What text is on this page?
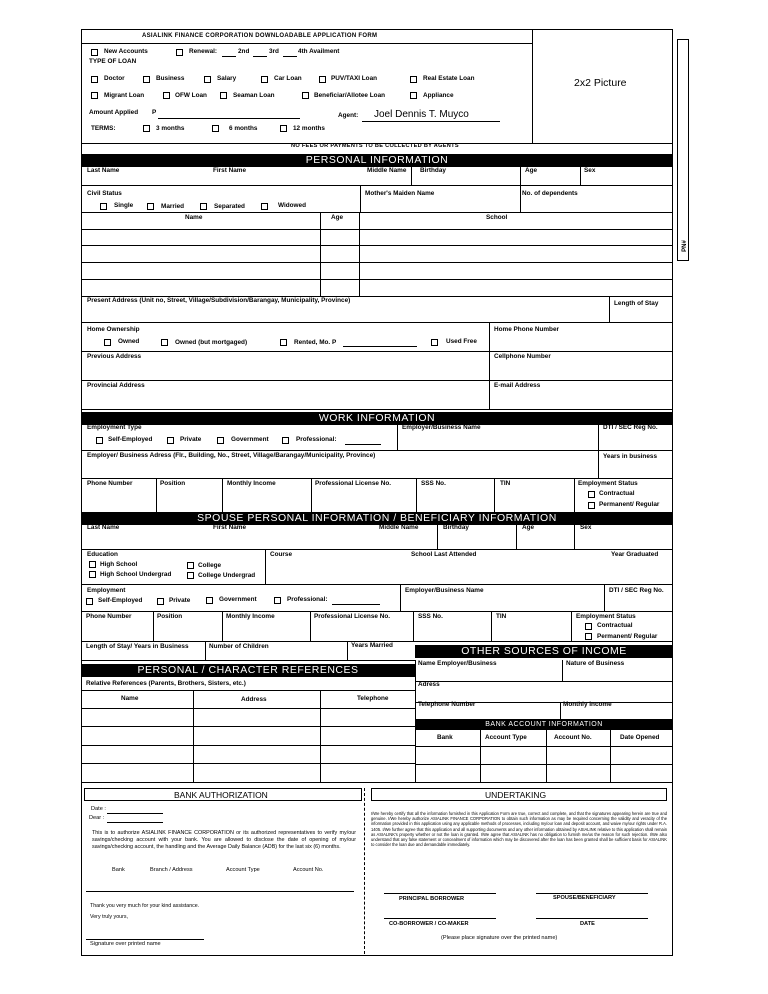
ASIALINK FINANCE CORPORATION DOWNLOADABLE APPLICATION FORM
2x2 Picture
PN#
New Accounts	Renewal:	2nd	3rd	4th Availment
TYPE OF LOAN
Doctor	Business	Salary	Car Loan	PUV/TAXI Loan	Real Estate Loan
Migrant Loan	OFW Loan	Seaman Loan	Beneficiar/Allotee Loan	Appliance
Amount Applied P	Agent: Joel Dennis T. Muyco
TERMS:	3 months	6 months	12 months
NO FEES OR PAYMENTS TO BE COLLECTED BY AGENTS
PERSONAL INFORMATION
Last Name	First Name	Middle Name Birthday	Age	Sex
Civil Status
Single	Married	Separated	Widowed
Mother's Maiden Name	No. of dependents
Name	Age	School
Present Address (Unit no, Street, Village/Subdivision/Barangay, Municipality, Province)	Length of Stay
Home Ownership
Owned	Owned (but mortgaged)	Rented, Mo. P	Used Free
Home Phone Number
Previous Address	Cellphone Number
Provincial Address	E-mail Address
WORK INFORMATION
Employment Type
Self-Employed	Private	Government	Professional:
Employer/Business Name	DTI / SEC Reg No.
Employer/ Business Adress (Flr., Building, No., Street, Village/Barangay/Municipality, Province)	Years in business
Phone Number	Position	Monthly Income	Professional License No.	SSS No.	TIN	Employment Status
Contractual
Permanent/ Regular
SPOUSE PERSONAL INFORMATION / BENEFICIARY INFORMATION
Last Name	First Name	Middle Name	Birthday	Age	Sex
Education
High School
High School Undergrad
College
College Undergrad
Course	School Last Attended	Year Graduated
Employment
Self-Employed	Private	Government	Professional:
Employer/Business Name	DTI / SEC Reg No.
Phone Number	Position	Monthly Income	Professional License No.	SSS No.	TIN	Employment Status
Contractual
Permanent/ Regular
Length of Stay/ Years in Business	Number of Children	Years Married	OTHER SOURCES OF INCOME
PERSONAL / CHARACTER REFERENCES
Name Employer/Business	Nature of Business
Adress
Telephone Number	Monthly Income
BANK ACCOUNT INFORMATION
Bank	Account Type	Account No.	Date Opened
Relative References (Parents, Brothers, Sisters, etc.)
Name	Address	Telephone
BANK AUTHORIZATION
Date :
Dear :
This is to authorize ASIALINK FINANCE CORPORATION or its authorized representatives to verify my/our savings/checking account with your bank. You are allowed to disclose the date of opening of my/our savings/checking account, the handling and the Average Daily Balance (ADB) for the last six (6) months.
Bank	Branch / Address	Account Type	Account No.
Thank you very much for your kind assistance.
Very truly yours,
Signature over printed name
UNDERTAKING
I/We hereby certify that all the information furnished in this Application Form are true, correct and complete, and that the signatures appearing herein are true and genuine. I/We hereby authorize ASIALINK FINANCE CORPORATION to obtain such information as may be required concerning the validity and veracity of the information provided in this application using any applicable methods of processes, including my/our loan and deposit account, and waive my/our rights under R.A. 1405. I/We further agree that this application and all supporting documents and any other information obtained by ASIALINK relative to this application shall remain as ASIALINK's property whether or not the loan is granted. I/We agree that ASIALINK has no obligation to furnish me/us the reason for such rejection. I/We also understand that any false statement or concealment of information which may be discovered after the loan has been granted shall be sufficient basis for ASIALINK to consider the loan due and demandable immediately.
PRINCIPAL BORROWER	SPOUSE/BENEFICIARY
CO-BORROWER / CO-MAKER	DATE
(Please place signature over the printed name)
